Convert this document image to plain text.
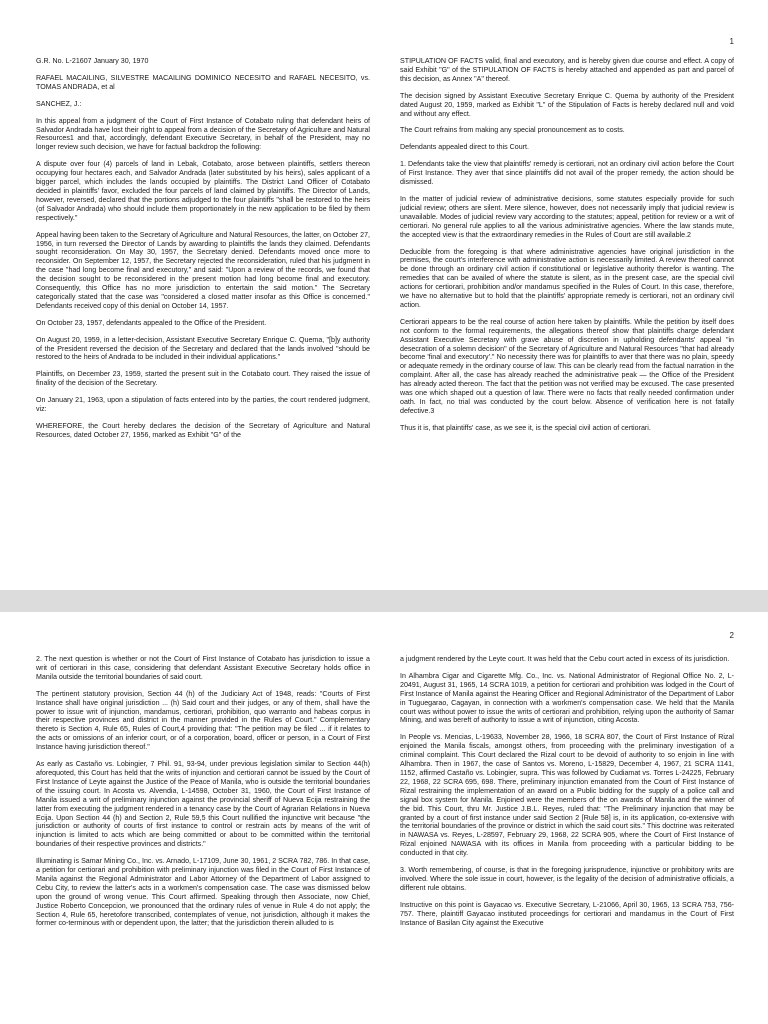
1

G.R. No. L-21607 January 30, 1970

RAFAEL MACAILING, SILVESTRE MACAILING DOMINICO NECESITO and RAFAEL NECESITO, vs. TOMAS ANDRADA, et al

SANCHEZ, J.:

In this appeal from a judgment of the Court of First Instance of Cotabato ruling that defendant heirs of Salvador Andrada have lost their right to appeal from a decision of the Secretary of Agriculture and Natural Resources1 and that, accordingly, defendant Executive Secretary, in behalf of the President, may no longer review such decision, we have for factual backdrop the following:

A dispute over four (4) parcels of land in Lebak, Cotabato, arose between plaintiffs, settlers thereon occupying four hectares each, and Salvador Andrada (later substituted by his heirs), sales applicant of a bigger parcel, which includes the lands occupied by plaintiffs. The District Land Officer of Cotabato decided in plaintiffs' favor, excluded the four parcels of land claimed by plaintiffs. The Director of Lands, however, reversed, declared that the portions adjudged to the four plaintiffs "shall be restored to the heirs (of Salvador Andrada) who should include them proportionately in the new application to be filed by them respectively."

Appeal having been taken to the Secretary of Agriculture and Natural Resources, the latter, on October 27, 1956, in turn reversed the Director of Lands by awarding to plaintiffs the lands they claimed. Defendants sought reconsideration. On May 30, 1957, the Secretary denied. Defendants moved once more to reconsider. On September 12, 1957, the Secretary rejected the reconsideration, ruled that his judgment in the case "had long become final and executory," and said: "Upon a review of the records, we found that the decision sought to be reconsidered in the present motion had long become final and executory. Consequently, this Office has no more jurisdiction to entertain the said motion." The Secretary categorically stated that the case was "considered a closed matter insofar as this Office is concerned." Defendants received copy of this denial on October 14, 1957.

On October 23, 1957, defendants appealed to the Office of the President.

On August 20, 1959, in a letter-decision, Assistant Executive Secretary Enrique C. Quema, "[b]y authority of the President reversed the decision of the Secretary and declared that the lands involved "should be restored to the heirs of Andrada to be included in their individual applications."

Plaintiffs, on December 23, 1959, started the present suit in the Cotabato court. They raised the issue of finality of the decision of the Secretary.

On January 21, 1963, upon a stipulation of facts entered into by the parties, the court rendered judgment, viz:

WHEREFORE, the Court hereby declares the decision of the Secretary of Agriculture and Natural Resources, dated October 27, 1956, marked as Exhibit "G" of the

STIPULATION OF FACTS valid, final and executory, and is hereby given due course and effect. A copy of said Exhibit "G" of the STIPULATION OF FACTS is hereby attached and appended as part and parcel of this decision, as Annex "A" thereof.

The decision signed by Assistant Executive Secretary Enrique C. Quema by authority of the President dated August 20, 1959, marked as Exhibit "L" of the Stipulation of Facts is hereby declared null and void and without any effect.

The Court refrains from making any special pronouncement as to costs.

Defendants appealed direct to this Court.

1. Defendants take the view that plaintiffs' remedy is certiorari, not an ordinary civil action before the Court of First Instance. They aver that since plaintiffs did not avail of the proper remedy, the action should be dismissed.

In the matter of judicial review of administrative decisions, some statutes especially provide for such judicial review; others are silent. Mere silence, however, does not necessarily imply that judicial review is unavailable. Modes of judicial review vary according to the statutes; appeal, petition for review or a writ of certiorari. No general rule applies to all the various administrative agencies. Where the law stands mute, the accepted view is that the extraordinary remedies in the Rules of Court are still available.2

Deducible from the foregoing is that where administrative agencies have original jurisdiction in the premises, the court's interference with administrative action is necessarily limited. A review thereof cannot be done through an ordinary civil action if constitutional or legislative authority therefor is wanting. The remedies that can be availed of where the statute is silent, as in the present case, are the special civil actions for certiorari, prohibition and/or mandamus specified in the Rules of Court. In this case, therefore, we have no alternative but to hold that the plaintiffs' appropriate remedy is certiorari, not an ordinary civil action.

Certiorari appears to be the real course of action here taken by plaintiffs. While the petition by itself does not conform to the formal requirements, the allegations thereof show that plaintiffs charge defendant Assistant Executive Secretary with grave abuse of discretion in upholding defendants' appeal "in desecration of a solemn decision" of the Secretary of Agriculture and Natural Resources "that had already become 'final and executory'." No necessity there was for plaintiffs to aver that there was no plain, speedy or adequate remedy in the ordinary course of law. This can be clearly read from the factual narration in the complaint. After all, the case has already reached the administrative peak — the Office of the President has already acted thereon. The fact that the petition was not verified may be excused. The case presented was one which shaped out a question of law. There were no facts that really needed confirmation under oath. In fact, no trial was conducted by the court below. Absence of verification here is not fatally defective.3

Thus it is, that plaintiffs' case, as we see it, is the special civil action of certiorari.

2

2. The next question is whether or not the Court of First Instance of Cotabato has jurisdiction to issue a writ of certiorari in this case, considering that defendant Assistant Executive Secretary holds office in Manila outside the territorial boundaries of said court.

The pertinent statutory provision, Section 44 (h) of the Judiciary Act of 1948, reads: "Courts of First Instance shall have original jurisdiction ... (h) Said court and their judges, or any of them, shall have the power to issue writ of injunction, mandamus, certiorari, prohibition, quo warranto and habeas corpus in their respective provinces and district in the manner provided in the Rules of Court." Complementary thereto is Section 4, Rule 65, Rules of Court,4 providing that: "The petition may be filed ... if it relates to the acts or omissions of an inferior court, or of a corporation, board, officer or person, in a Court of First Instance having jurisdiction thereof."

As early as Castaño vs. Lobingier, 7 Phil. 91, 93-94, under previous legislation similar to Section 44(h) aforequoted, this Court has held that the writs of injunction and certiorari cannot be issued by the Court of First Instance of Leyte against the Justice of the Peace of Manila, who is outside the territorial boundaries of the issuing court. In Acosta vs. Alvendia, L-14598, October 31, 1960, the Court of First Instance of Manila issued a writ of preliminary injunction against the provincial sheriff of Nueva Ecija restraining the latter from executing the judgment rendered in a tenancy case by the Court of Agrarian Relations in Nueva Ecija. Upon Section 44 (h) and Section 2, Rule 59,5 this Court nullified the injunctive writ because "the jurisdiction or authority of courts of first instance to control or restrain acts by means of the writ of injunction is limited to acts which are being committed or about to be committed within the territorial boundaries of their respective provinces and districts."

Illuminating is Samar Mining Co., Inc. vs. Arnado, L-17109, June 30, 1961, 2 SCRA 782, 786. In that case, a petition for certiorari and prohibition with preliminary injunction was filed in the Court of First Instance of Manila against the Regional Administrator and Labor Attorney of the Department of Labor assigned to Cebu City, to review the latter's acts in a workmen's compensation case. The case was dismissed below upon the ground of wrong venue. This Court affirmed. Speaking through then Associate, now Chief, Justice Roberto Concepcion, we pronounced that the ordinary rules of venue in Rule 4 do not apply; the Section 4, Rule 65, heretofore transcribed, contemplates of venue, not jurisdiction, although it makes the former co-terminous with or dependent upon, the latter; that the jurisdiction therein alluded to is

a judgment rendered by the Leyte court. It was held that the Cebu court acted in excess of its jurisdiction.

In Alhambra Cigar and Cigarette Mfg. Co., Inc. vs. National Administrator of Regional Office No. 2, L-20491, August 31, 1965, 14 SCRA 1019, a petition for certiorari and prohibition was lodged in the Court of First Instance of Manila against the Hearing Officer and Regional Administrator of the Department of Labor in Tuguegarao, Cagayan, in connection with a workmen's compensation case. We held that the Manila court was without power to issue the writs of certiorari and prohibition, relying upon the authority of Samar Mining, and was bereft of authority to issue a writ of injunction, citing Acosta.

In People vs. Mencias, L-19633, November 28, 1966, 18 SCRA 807, the Court of First Instance of Rizal enjoined the Manila fiscals, amongst others, from proceeding with the preliminary investigation of a criminal complaint. This Court declared the Rizal court to be devoid of authority to so enjoin in line with Alhambra. Then in 1967, the case of Santos vs. Moreno, L-15829, December 4, 1967, 21 SCRA 1141, 1152, affirmed Castaño vs. Lobingier, supra. This was followed by Cudiamat vs. Torres L-24225, February 22, 1968, 22 SCRA 695, 698. There, preliminary injunction emanated from the Court of First Instance of Rizal restraining the implementation of an award on a Public bidding for the supply of a police call and signal box system for Manila. Enjoined were the members of the on awards of Manila and the winner of the bid. This Court, thru Mr. Justice J.B.L. Reyes, ruled that: "The Preliminary injunction that may be granted by a court of first instance under said Section 2 [Rule 58] is, in its application, co-extensive with the territorial boundaries of the province or district in which the said court sits." This doctrine was reiterated in NAWASA vs. Reyes, L-28597, February 29, 1968, 22 SCRA 905, where the Court of First Instance of Rizal enjoined NAWASA with its offices in Manila from proceeding with a particular bidding to be conducted in that city.

3. Worth remembering, of course, is that in the foregoing jurisprudence, injunctive or prohibitory writs are involved. Where the sole issue in court, however, is the legality of the decision of administrative officials, a different rule obtains.

Instructive on this point is Gayacao vs. Executive Secretary, L-21066, April 30, 1965, 13 SCRA 753, 756-757. There, plaintiff Gayacao instituted proceedings for certiorari and mandamus in the Court of First Instance of Basilan City against the Executive
